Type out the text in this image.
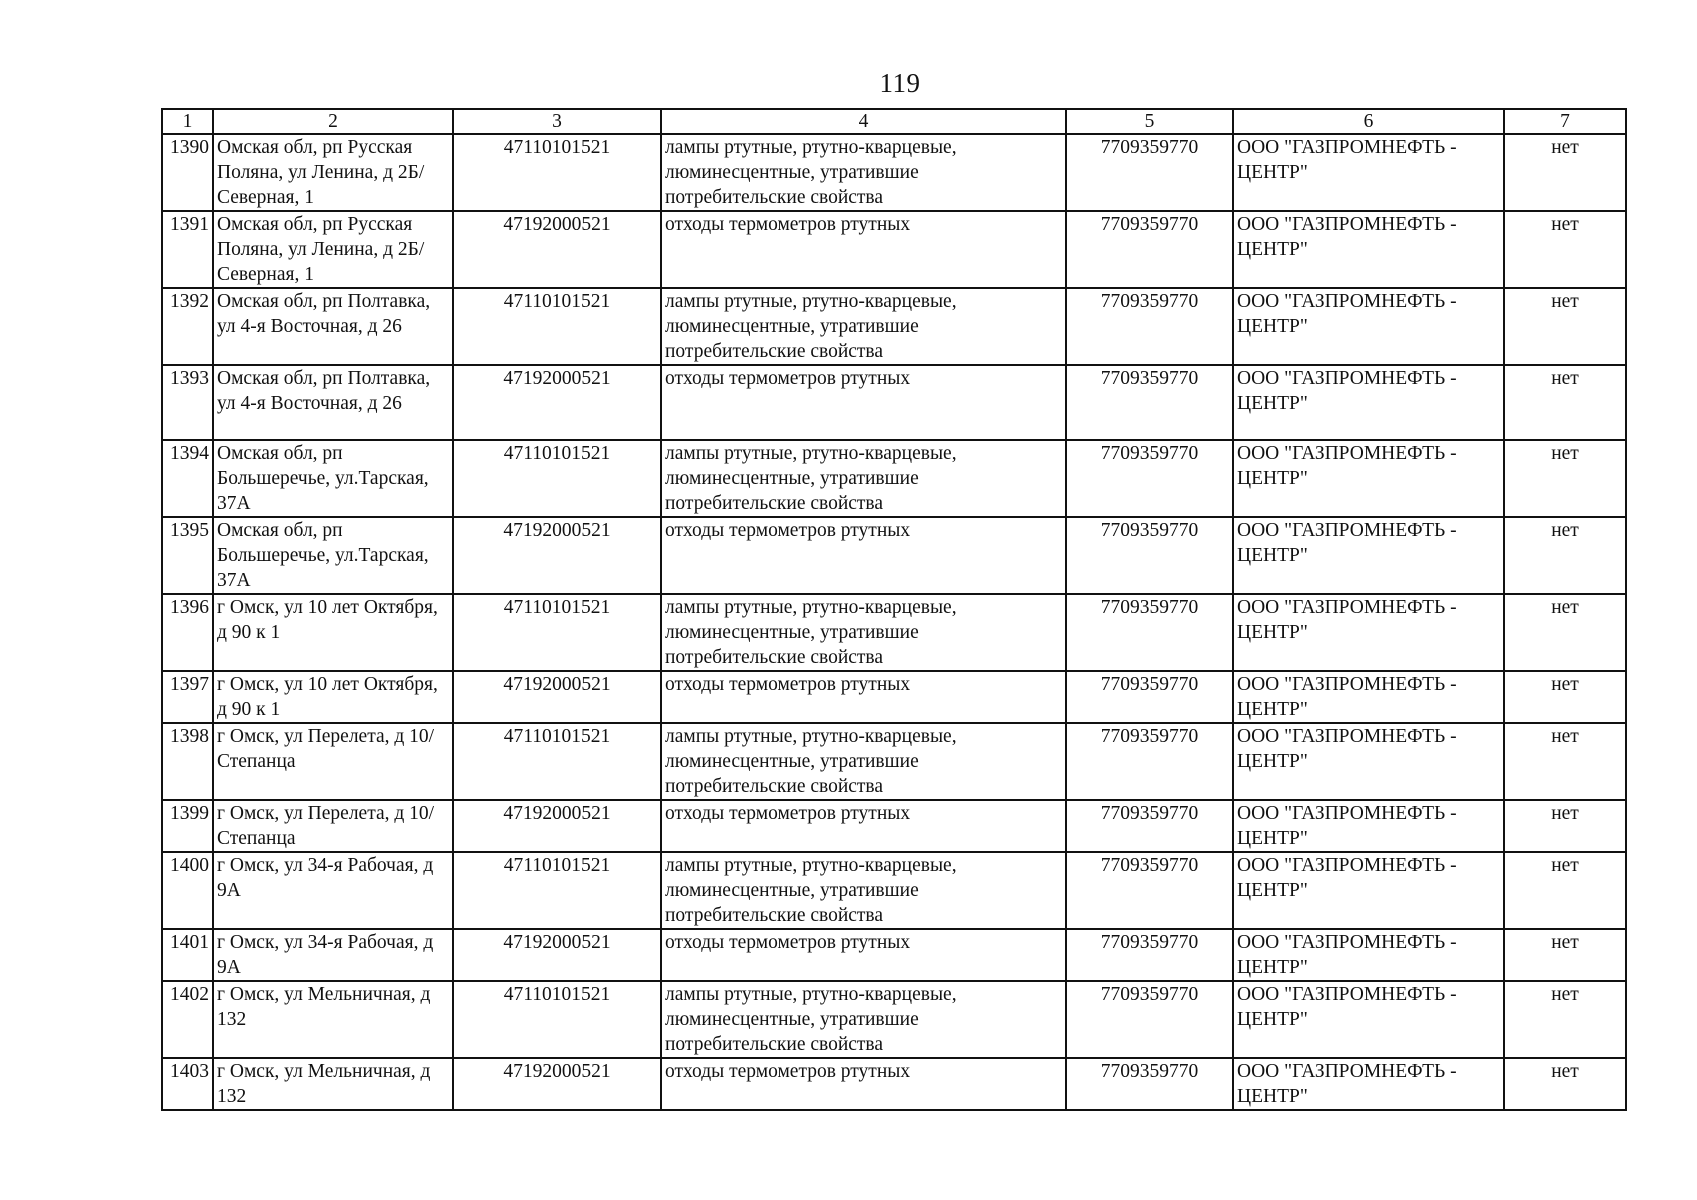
119
1	2	3	4	5	6	7
1390	Омская обл, рп Русская Поляна, ул Ленина, д 2Б/Северная, 1	47110101521	лампы ртутные, ртутно-кварцевые, люминесцентные, утратившие потребительские свойства	7709359770	ООО "ГАЗПРОМНЕФТЬ - ЦЕНТР"	нет
1391	Омская обл, рп Русская Поляна, ул Ленина, д 2Б/Северная, 1	47192000521	отходы термометров ртутных	7709359770	ООО "ГАЗПРОМНЕФТЬ - ЦЕНТР"	нет
1392	Омская обл, рп Полтавка, ул 4-я Восточная, д 26	47110101521	лампы ртутные, ртутно-кварцевые, люминесцентные, утратившие потребительские свойства	7709359770	ООО "ГАЗПРОМНЕФТЬ - ЦЕНТР"	нет
1393	Омская обл, рп Полтавка, ул 4-я Восточная, д 26	47192000521	отходы термометров ртутных	7709359770	ООО "ГАЗПРОМНЕФТЬ - ЦЕНТР"	нет
1394	Омская обл, рп Большеречье, ул.Тарская, 37А	47110101521	лампы ртутные, ртутно-кварцевые, люминесцентные, утратившие потребительские свойства	7709359770	ООО "ГАЗПРОМНЕФТЬ - ЦЕНТР"	нет
1395	Омская обл, рп Большеречье, ул.Тарская, 37А	47192000521	отходы термометров ртутных	7709359770	ООО "ГАЗПРОМНЕФТЬ - ЦЕНТР"	нет
1396	г Омск, ул 10 лет Октября, д 90 к 1	47110101521	лампы ртутные, ртутно-кварцевые, люминесцентные, утратившие потребительские свойства	7709359770	ООО "ГАЗПРОМНЕФТЬ - ЦЕНТР"	нет
1397	г Омск, ул 10 лет Октября, д 90 к 1	47192000521	отходы термометров ртутных	7709359770	ООО "ГАЗПРОМНЕФТЬ - ЦЕНТР"	нет
1398	г Омск, ул Перелета, д 10/Степанца	47110101521	лампы ртутные, ртутно-кварцевые, люминесцентные, утратившие потребительские свойства	7709359770	ООО "ГАЗПРОМНЕФТЬ - ЦЕНТР"	нет
1399	г Омск, ул Перелета, д 10/Степанца	47192000521	отходы термометров ртутных	7709359770	ООО "ГАЗПРОМНЕФТЬ - ЦЕНТР"	нет
1400	г Омск, ул 34-я Рабочая, д 9А	47110101521	лампы ртутные, ртутно-кварцевые, люминесцентные, утратившие потребительские свойства	7709359770	ООО "ГАЗПРОМНЕФТЬ - ЦЕНТР"	нет
1401	г Омск, ул 34-я Рабочая, д 9А	47192000521	отходы термометров ртутных	7709359770	ООО "ГАЗПРОМНЕФТЬ - ЦЕНТР"	нет
1402	г Омск, ул Мельничная, д 132	47110101521	лампы ртутные, ртутно-кварцевые, люминесцентные, утратившие потребительские свойства	7709359770	ООО "ГАЗПРОМНЕФТЬ - ЦЕНТР"	нет
1403	г Омск, ул Мельничная, д 132	47192000521	отходы термометров ртутных	7709359770	ООО "ГАЗПРОМНЕФТЬ - ЦЕНТР"	нет
